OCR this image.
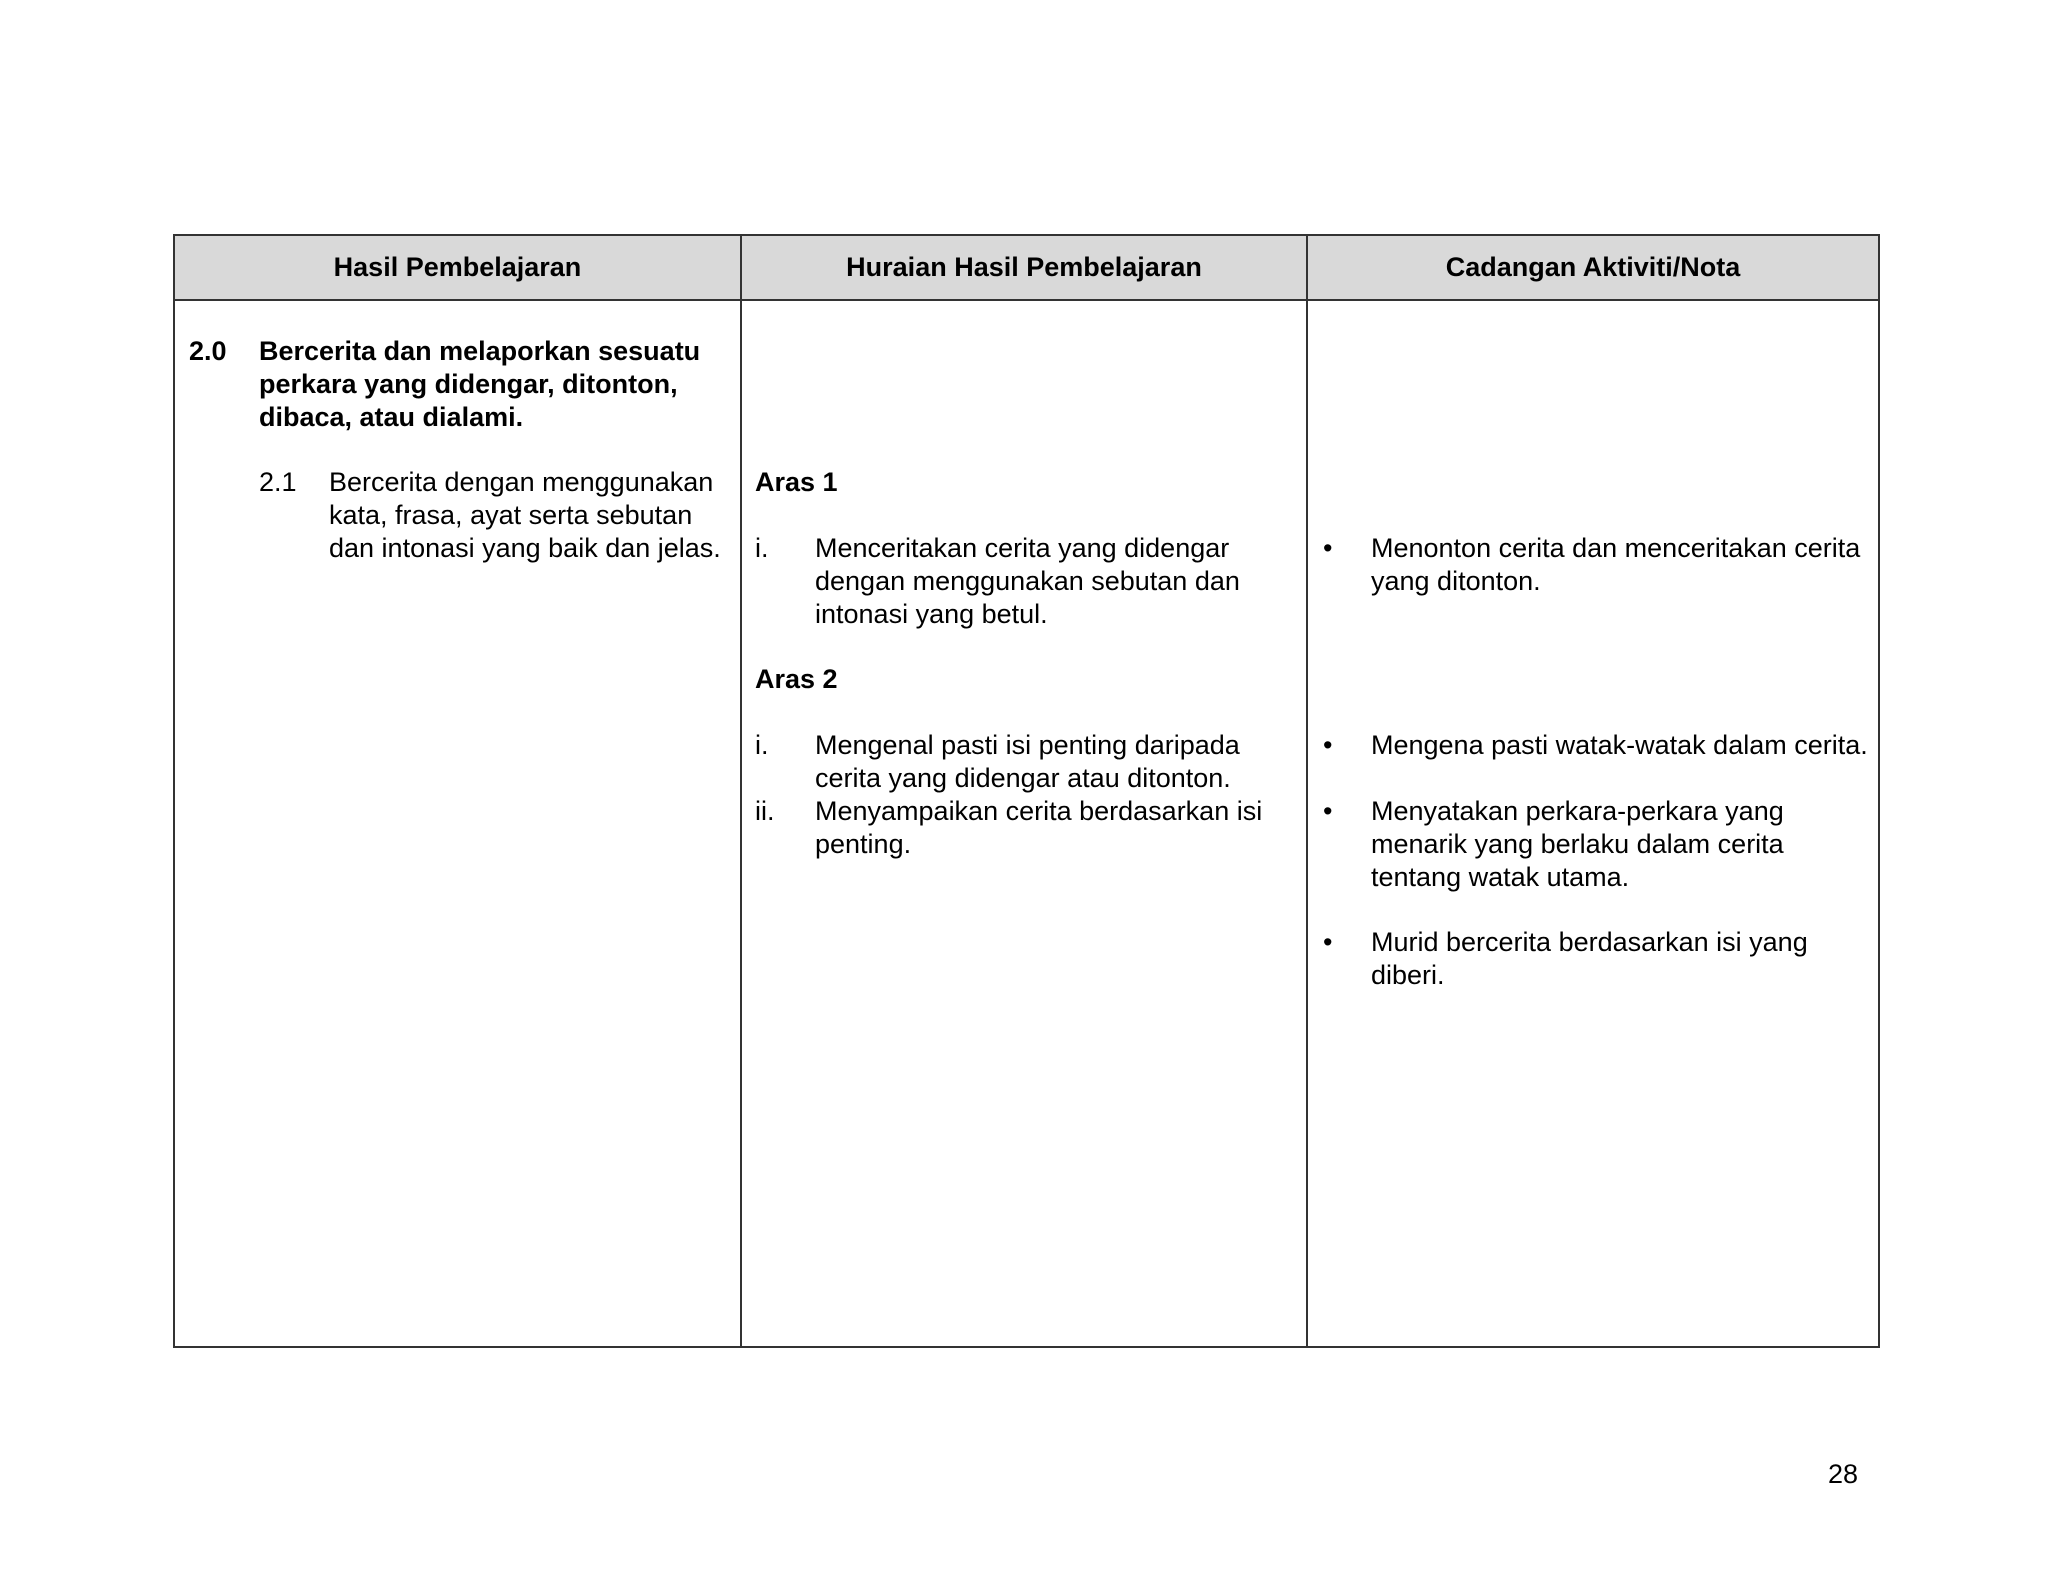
Hasil Pembelajaran	Huraian Hasil Pembelajaran	Cadangan Aktiviti/Nota

2.0 Bercerita dan melaporkan sesuatu perkara yang didengar, ditonton, dibaca, atau dialami.

2.1 Bercerita dengan menggunakan kata, frasa, ayat serta sebutan dan intonasi yang baik dan jelas.

Aras 1

i. Menceritakan cerita yang didengar dengan menggunakan sebutan dan intonasi yang betul.

Aras 2

i. Mengenal pasti isi penting daripada cerita yang didengar atau ditonton.

ii. Menyampaikan cerita berdasarkan isi penting.

• Menonton cerita dan menceritakan cerita yang ditonton.

• Mengena pasti watak-watak dalam cerita.

• Menyatakan perkara-perkara yang menarik yang berlaku dalam cerita tentang watak utama.

• Murid bercerita berdasarkan isi yang diberi.

28
